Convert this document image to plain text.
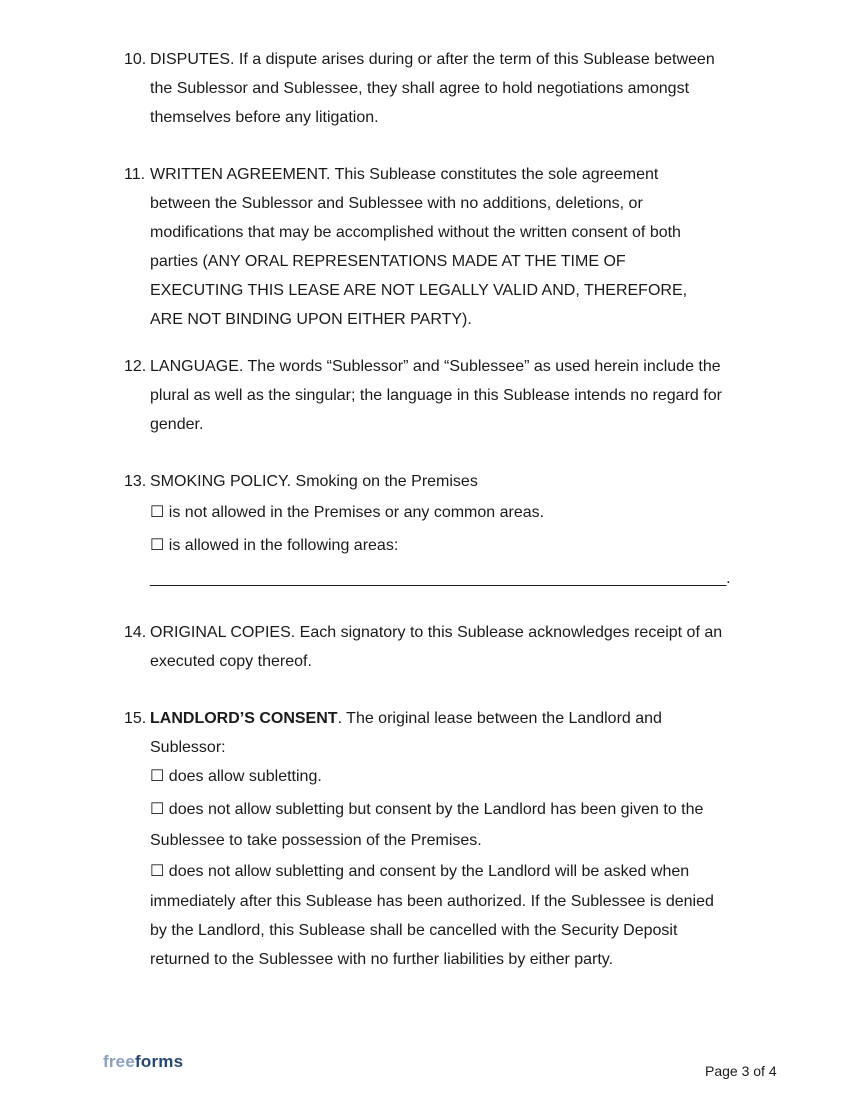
10. DISPUTES. If a dispute arises during or after the term of this Sublease between
the Sublessor and Sublessee, they shall agree to hold negotiations amongst
themselves before any litigation.
11. WRITTEN AGREEMENT. This Sublease constitutes the sole agreement
between the Sublessor and Sublessee with no additions, deletions, or
modifications that may be accomplished without the written consent of both
parties (ANY ORAL REPRESENTATIONS MADE AT THE TIME OF
EXECUTING THIS LEASE ARE NOT LEGALLY VALID AND, THEREFORE,
ARE NOT BINDING UPON EITHER PARTY).
12. LANGUAGE. The words “Sublessor” and “Sublessee” as used herein include the
plural as well as the singular; the language in this Sublease intends no regard for
gender.
13. SMOKING POLICY. Smoking on the Premises
☐ is not allowed in the Premises or any common areas.
☐ is allowed in the following areas:
___________________________________________________________________.
14. ORIGINAL COPIES. Each signatory to this Sublease acknowledges receipt of an
executed copy thereof.
15. LANDLORD’S CONSENT. The original lease between the Landlord and
Sublessor:
☐ does allow subletting.
☐ does not allow subletting but consent by the Landlord has been given to the
Sublessee to take possession of the Premises.
☐ does not allow subletting and consent by the Landlord will be asked when
immediately after this Sublease has been authorized. If the Sublessee is denied
by the Landlord, this Sublease shall be cancelled with the Security Deposit
returned to the Sublessee with no further liabilities by either party.
freeforms	Page 3 of 4
